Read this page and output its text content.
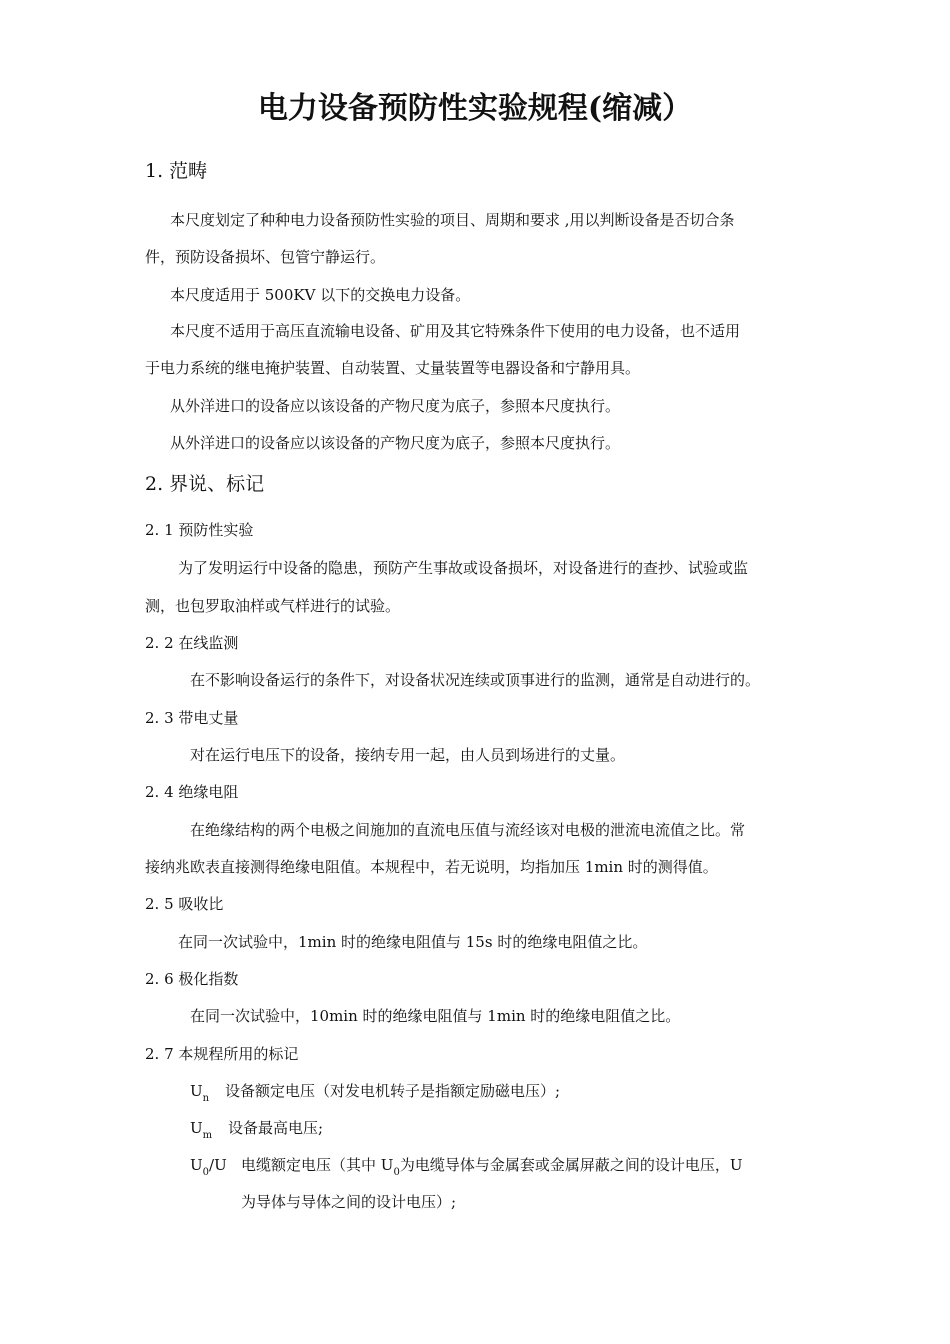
电力设备预防性实验规程(缩减）
1. 范畴
本尺度划定了种种电力设备预防性实验的项目、周期和要求 ,用以判断设备是否切合条
件，预防设备损坏、包管宁静运行。
本尺度适用于 500KV 以下的交换电力设备。
本尺度不适用于高压直流输电设备、矿用及其它特殊条件下使用的电力设备，也不适用
于电力系统的继电掩护装置、自动装置、丈量装置等电器设备和宁静用具。
从外洋进口的设备应以该设备的产物尺度为底子，参照本尺度执行。
从外洋进口的设备应以该设备的产物尺度为底子，参照本尺度执行。
2. 界说、标记
2. 1 预防性实验
为了发明运行中设备的隐患，预防产生事故或设备损坏，对设备进行的查抄、试验或监
测，也包罗取油样或气样进行的试验。
2. 2 在线监测
在不影响设备运行的条件下，对设备状况连续或顶事进行的监测，通常是自动进行的。
2. 3 带电丈量
对在运行电压下的设备，接纳专用一起，由人员到场进行的丈量。
2. 4 绝缘电阻
在绝缘结构的两个电极之间施加的直流电压值与流经该对电极的泄流电流值之比。常
接纳兆欧表直接测得绝缘电阻值。本规程中，若无说明，均指加压 1min 时的测得值。
2. 5 吸收比
在同一次试验中，1min 时的绝缘电阻值与 15s 时的绝缘电阻值之比。
2. 6 极化指数
在同一次试验中，10min 时的绝缘电阻值与 1min 时的绝缘电阻值之比。
2. 7 本规程所用的标记
$U_n$ 设备额定电压（对发电机转子是指额定励磁电压）;
$U_m$ 设备最高电压;
$U_0/U$ 电缆额定电压（其中 $U_0$为电缆导体与金属套或金属屏蔽之间的设计电压，U
为导体与导体之间的设计电压）;
